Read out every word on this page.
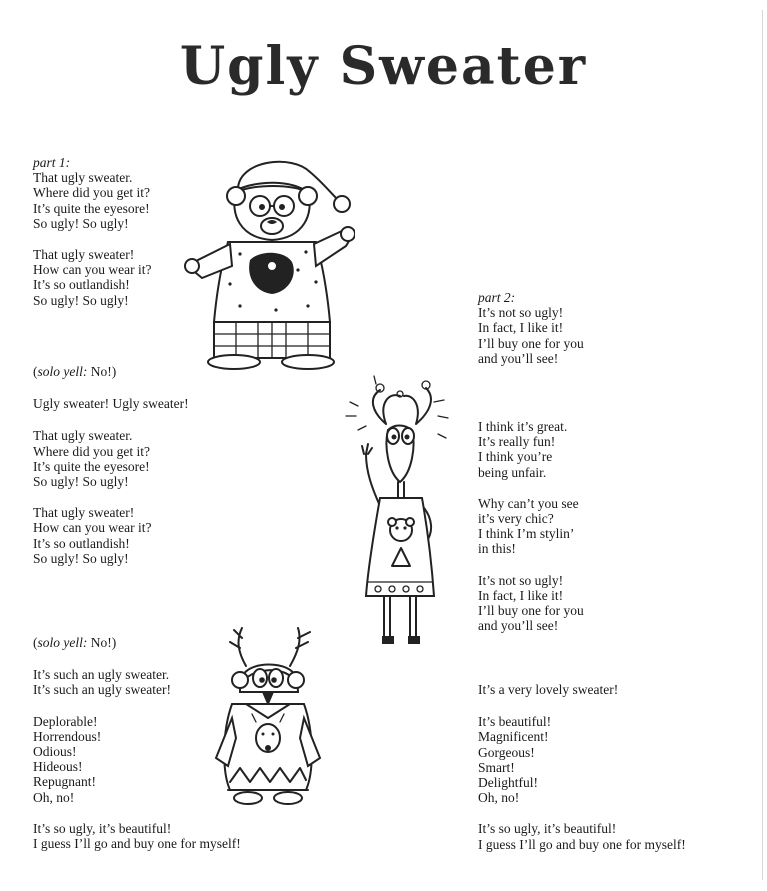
Ugly Sweater
part 1:
That ugly sweater.
Where did you get it?
It’s quite the eyesore!
So ugly! So ugly!
That ugly sweater!
How can you wear it?
It’s so outlandish!
So ugly! So ugly!
(solo yell: No!)
Ugly sweater! Ugly sweater!
That ugly sweater.
Where did you get it?
It’s quite the eyesore!
So ugly! So ugly!
That ugly sweater!
How can you wear it?
It’s so outlandish!
So ugly! So ugly!
(solo yell: No!)
It’s such an ugly sweater.
It’s such an ugly sweater!
Deplorable!
Horrendous!
Odious!
Hideous!
Repugnant!
Oh, no!
It’s so ugly, it’s beautiful!
I guess I’ll go and buy one for myself!
part 2:
It’s not so ugly!
In fact, I like it!
I’ll buy one for you
and you’ll see!
I think it’s great.
It’s really fun!
I think you’re
being unfair.
Why can’t you see
it’s very chic?
I think I’m stylin’
in this!
It’s not so ugly!
In fact, I like it!
I’ll buy one for you
and you’ll see!
It’s a very lovely sweater!
It’s beautiful!
Magnificent!
Gorgeous!
Smart!
Delightful!
Oh, no!
It’s so ugly, it’s beautiful!
I guess I’ll go and buy one for myself!
